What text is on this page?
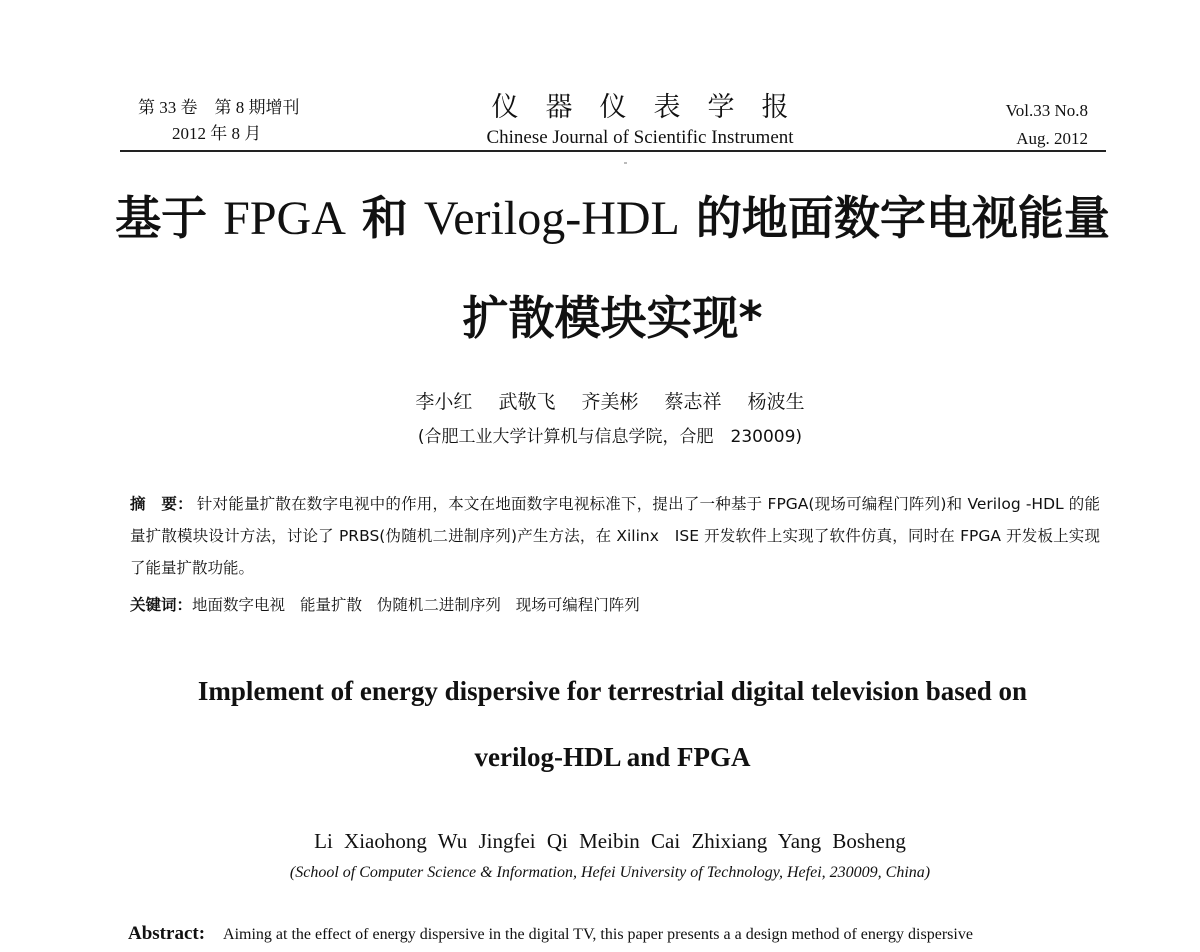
第 33 卷　第 8 期增刊
2012 年 8 月
仪器仪表学报
Chinese Journal of Scientific Instrument
Vol.33 No.8
Aug. 2012
基于 FPGA 和 Verilog-HDL 的地面数字电视能量
扩散模块实现*
李小红 武敬飞 齐美彬 蔡志祥 杨波生
(合肥工业大学计算机与信息学院，合肥　230009)
摘　要： 针对能量扩散在数字电视中的作用，本文在地面数字电视标准下，提出了一种基于 FPGA(现场可编程门阵列)和 Verilog -HDL 的能量扩散模块设计方法，讨论了 PRBS(伪随机二进制序列)产生方法，在 Xilinx　ISE 开发软件上实现了软件仿真，同时在 FPGA 开发板上实现了能量扩散功能。
关键词：地面数字电视 能量扩散 伪随机二进制序列 现场可编程门阵列
Implement of energy dispersive for terrestrial digital television based on
verilog-HDL and FPGA
Li Xiaohong Wu Jingfei Qi Meibin Cai Zhixiang Yang Bosheng
(School of Computer Science & Information, Hefei University of Technology, Hefei, 230009, China)
Abstract: Aiming at the effect of energy dispersive in the digital TV, this paper presents a a design method of energy dispersive
